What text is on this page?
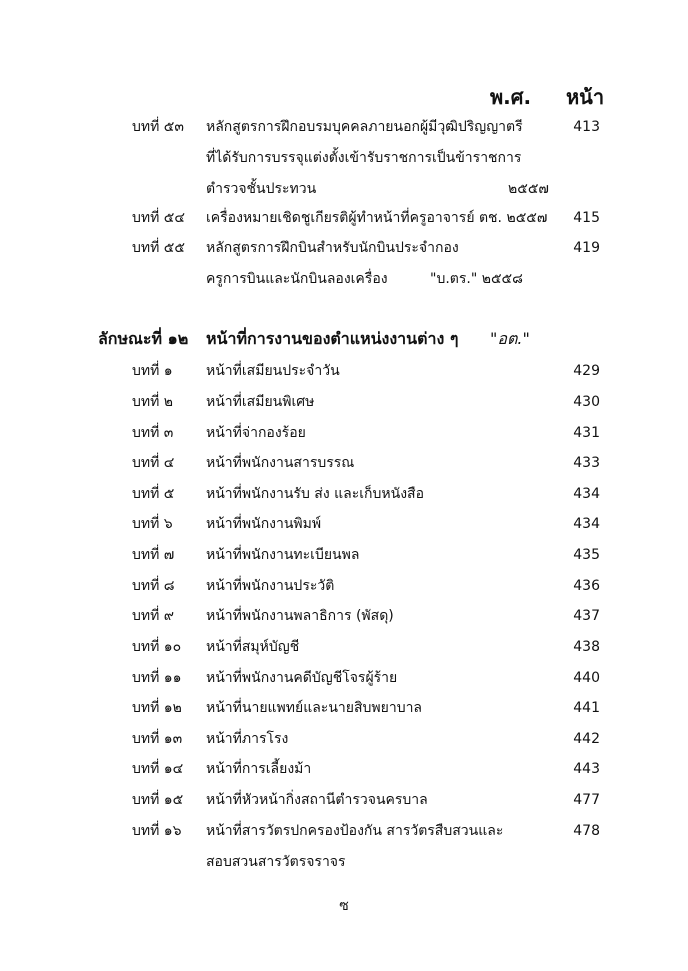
พ.ศ. หน้า
บทที่ ๕๓ หลักสูตรการฝึกอบรมบุคคลภายนอกผู้มีวุฒิปริญญาตรี	413
ที่ได้รับการบรรจุแต่งตั้งเข้ารับราชการเป็นข้าราชการ
ตำรวจชั้นประทวน	๒๕๕๗
บทที่ ๕๔ เครื่องหมายเชิดชูเกียรติผู้ทำหน้าที่ครูอาจารย์ ตช. ๒๕๕๗ 415
บทที่ ๕๕ หลักสูตรการฝึกบินสำหรับนักบินประจำกอง	419
ครูการบินและนักบินลองเครื่อง	"บ.ตร." ๒๕๕๘
ลักษณะที่ ๑๒ หน้าที่การงานของตำแหน่งงานต่าง ๆ "อต."
บทที่ ๑ หน้าที่เสมียนประจำวัน	429
บทที่ ๒ หน้าที่เสมียนพิเศษ	430
บทที่ ๓ หน้าที่จ่ากองร้อย	431
บทที่ ๔ หน้าที่พนักงานสารบรรณ	433
บทที่ ๕ หน้าที่พนักงานรับ ส่ง และเก็บหนังสือ	434
บทที่ ๖ หน้าที่พนักงานพิมพ์	434
บทที่ ๗ หน้าที่พนักงานทะเบียนพล	435
บทที่ ๘ หน้าที่พนักงานประวัติ	436
บทที่ ๙ หน้าที่พนักงานพลาธิการ (พัสดุ)	437
บทที่ ๑๐ หน้าที่สมุห์บัญชี	438
บทที่ ๑๑ หน้าที่พนักงานคดีบัญชีโจรผู้ร้าย	440
บทที่ ๑๒ หน้าที่นายแพทย์และนายสิบพยาบาล	441
บทที่ ๑๓ หน้าที่ภารโรง	442
บทที่ ๑๔ หน้าที่การเลี้ยงม้า	443
บทที่ ๑๕ หน้าที่หัวหน้ากิ่งสถานีตำรวจนครบาล	477
บทที่ ๑๖ หน้าที่สารวัตรปกครองป้องกัน สารวัตรสืบสวนและ	478
สอบสวนสารวัตรจราจร
ซ
